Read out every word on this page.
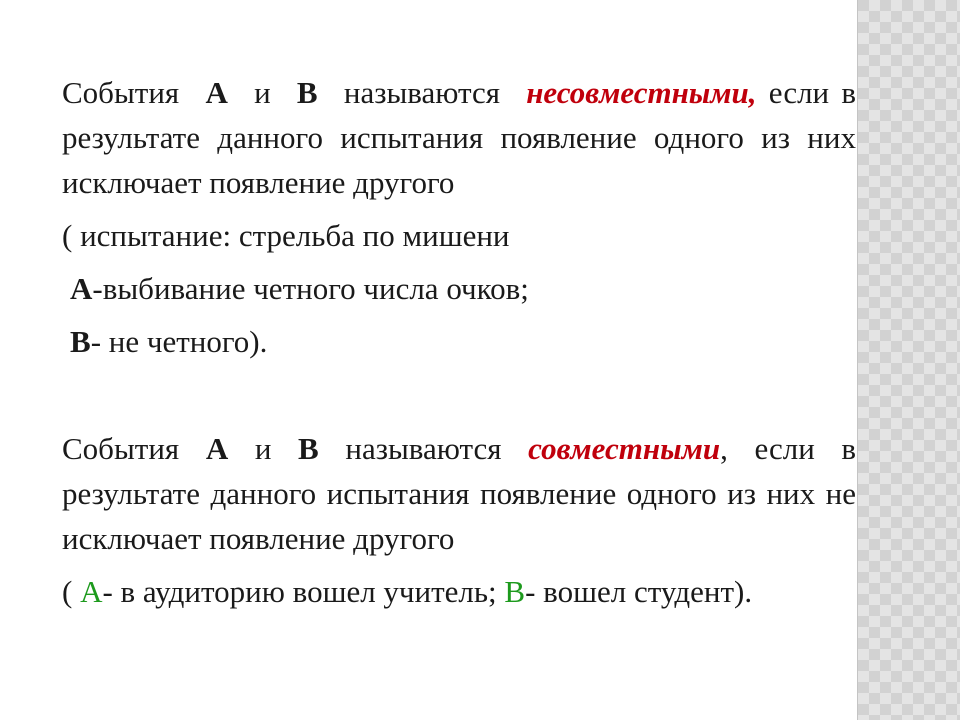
События А и В называются несовместными, если в результате данного испытания появление одного из них исключает появление другого

( испытание: стрельба по мишени

А-выбивание четного числа очков;

В- не четного).

События А и В называются совместными, если в результате данного испытания появление одного из них не исключает появление другого

( А- в аудиторию вошел учитель; В- вошел студент).
